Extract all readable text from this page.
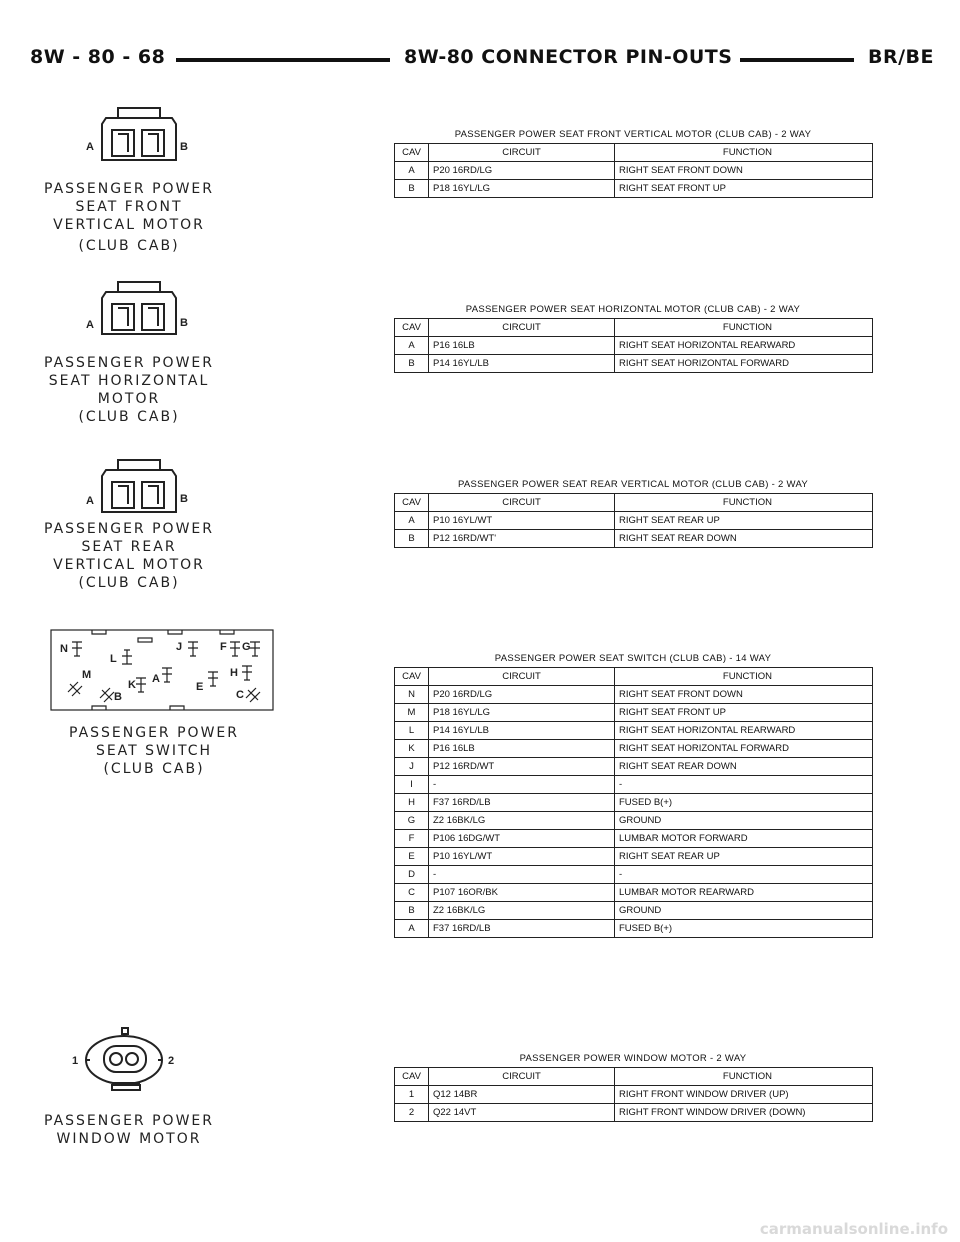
8W - 80 - 68	8W-80 CONNECTOR PIN-OUTS	BR/BE
A	B
PASSENGER POWER
SEAT FRONT
VERTICAL MOTOR
(CLUB CAB)
PASSENGER POWER SEAT FRONT VERTICAL MOTOR (CLUB CAB) - 2 WAY
CAV	CIRCUIT	FUNCTION
A	P20 16RD/LG	RIGHT SEAT FRONT DOWN
B	P18 16YL/LG	RIGHT SEAT FRONT UP
A	B
PASSENGER POWER
SEAT HORIZONTAL
MOTOR
(CLUB CAB)
PASSENGER POWER SEAT HORIZONTAL MOTOR (CLUB CAB) - 2 WAY
CAV	CIRCUIT	FUNCTION
A	P16 16LB	RIGHT SEAT HORIZONTAL REARWARD
B	P14 16YL/LB	RIGHT SEAT HORIZONTAL FORWARD
A	B
PASSENGER POWER
SEAT REAR
VERTICAL MOTOR
(CLUB CAB)
PASSENGER POWER SEAT REAR VERTICAL MOTOR (CLUB CAB) - 2 WAY
CAV	CIRCUIT	FUNCTION
A	P10 16YL/WT	RIGHT SEAT REAR UP
B	P12 16RD/WT'	RIGHT SEAT REAR DOWN
N
L
J	F G
M
K A
E
H
B	C
PASSENGER POWER
SEAT SWITCH
(CLUB CAB)
PASSENGER POWER SEAT SWITCH (CLUB CAB) - 14 WAY
CAV	CIRCUIT	FUNCTION
N	P20 16RD/LG	RIGHT SEAT FRONT DOWN
M	P18 16YL/LG	RIGHT SEAT FRONT UP
L	P14 16YL/LB	RIGHT SEAT HORIZONTAL REARWARD
K	P16 16LB	RIGHT SEAT HORIZONTAL FORWARD
J	P12 16RD/WT	RIGHT SEAT REAR DOWN
I	-	-
H	F37 16RD/LB	FUSED B(+)
G	Z2 16BK/LG	GROUND
F	P106 16DG/WT	LUMBAR MOTOR FORWARD
E	P10 16YL/WT	RIGHT SEAT REAR UP
D	-	-
C	P107 16OR/BK	LUMBAR MOTOR REARWARD
B	Z2 16BK/LG	GROUND
A	F37 16RD/LB	FUSED B(+)
1	2
PASSENGER POWER
WINDOW MOTOR
PASSENGER POWER WINDOW MOTOR - 2 WAY
CAV	CIRCUIT	FUNCTION
1	Q12 14BR	RIGHT FRONT WINDOW DRIVER (UP)
2	Q22 14VT	RIGHT FRONT WINDOW DRIVER (DOWN)
carmanualsonline.info
